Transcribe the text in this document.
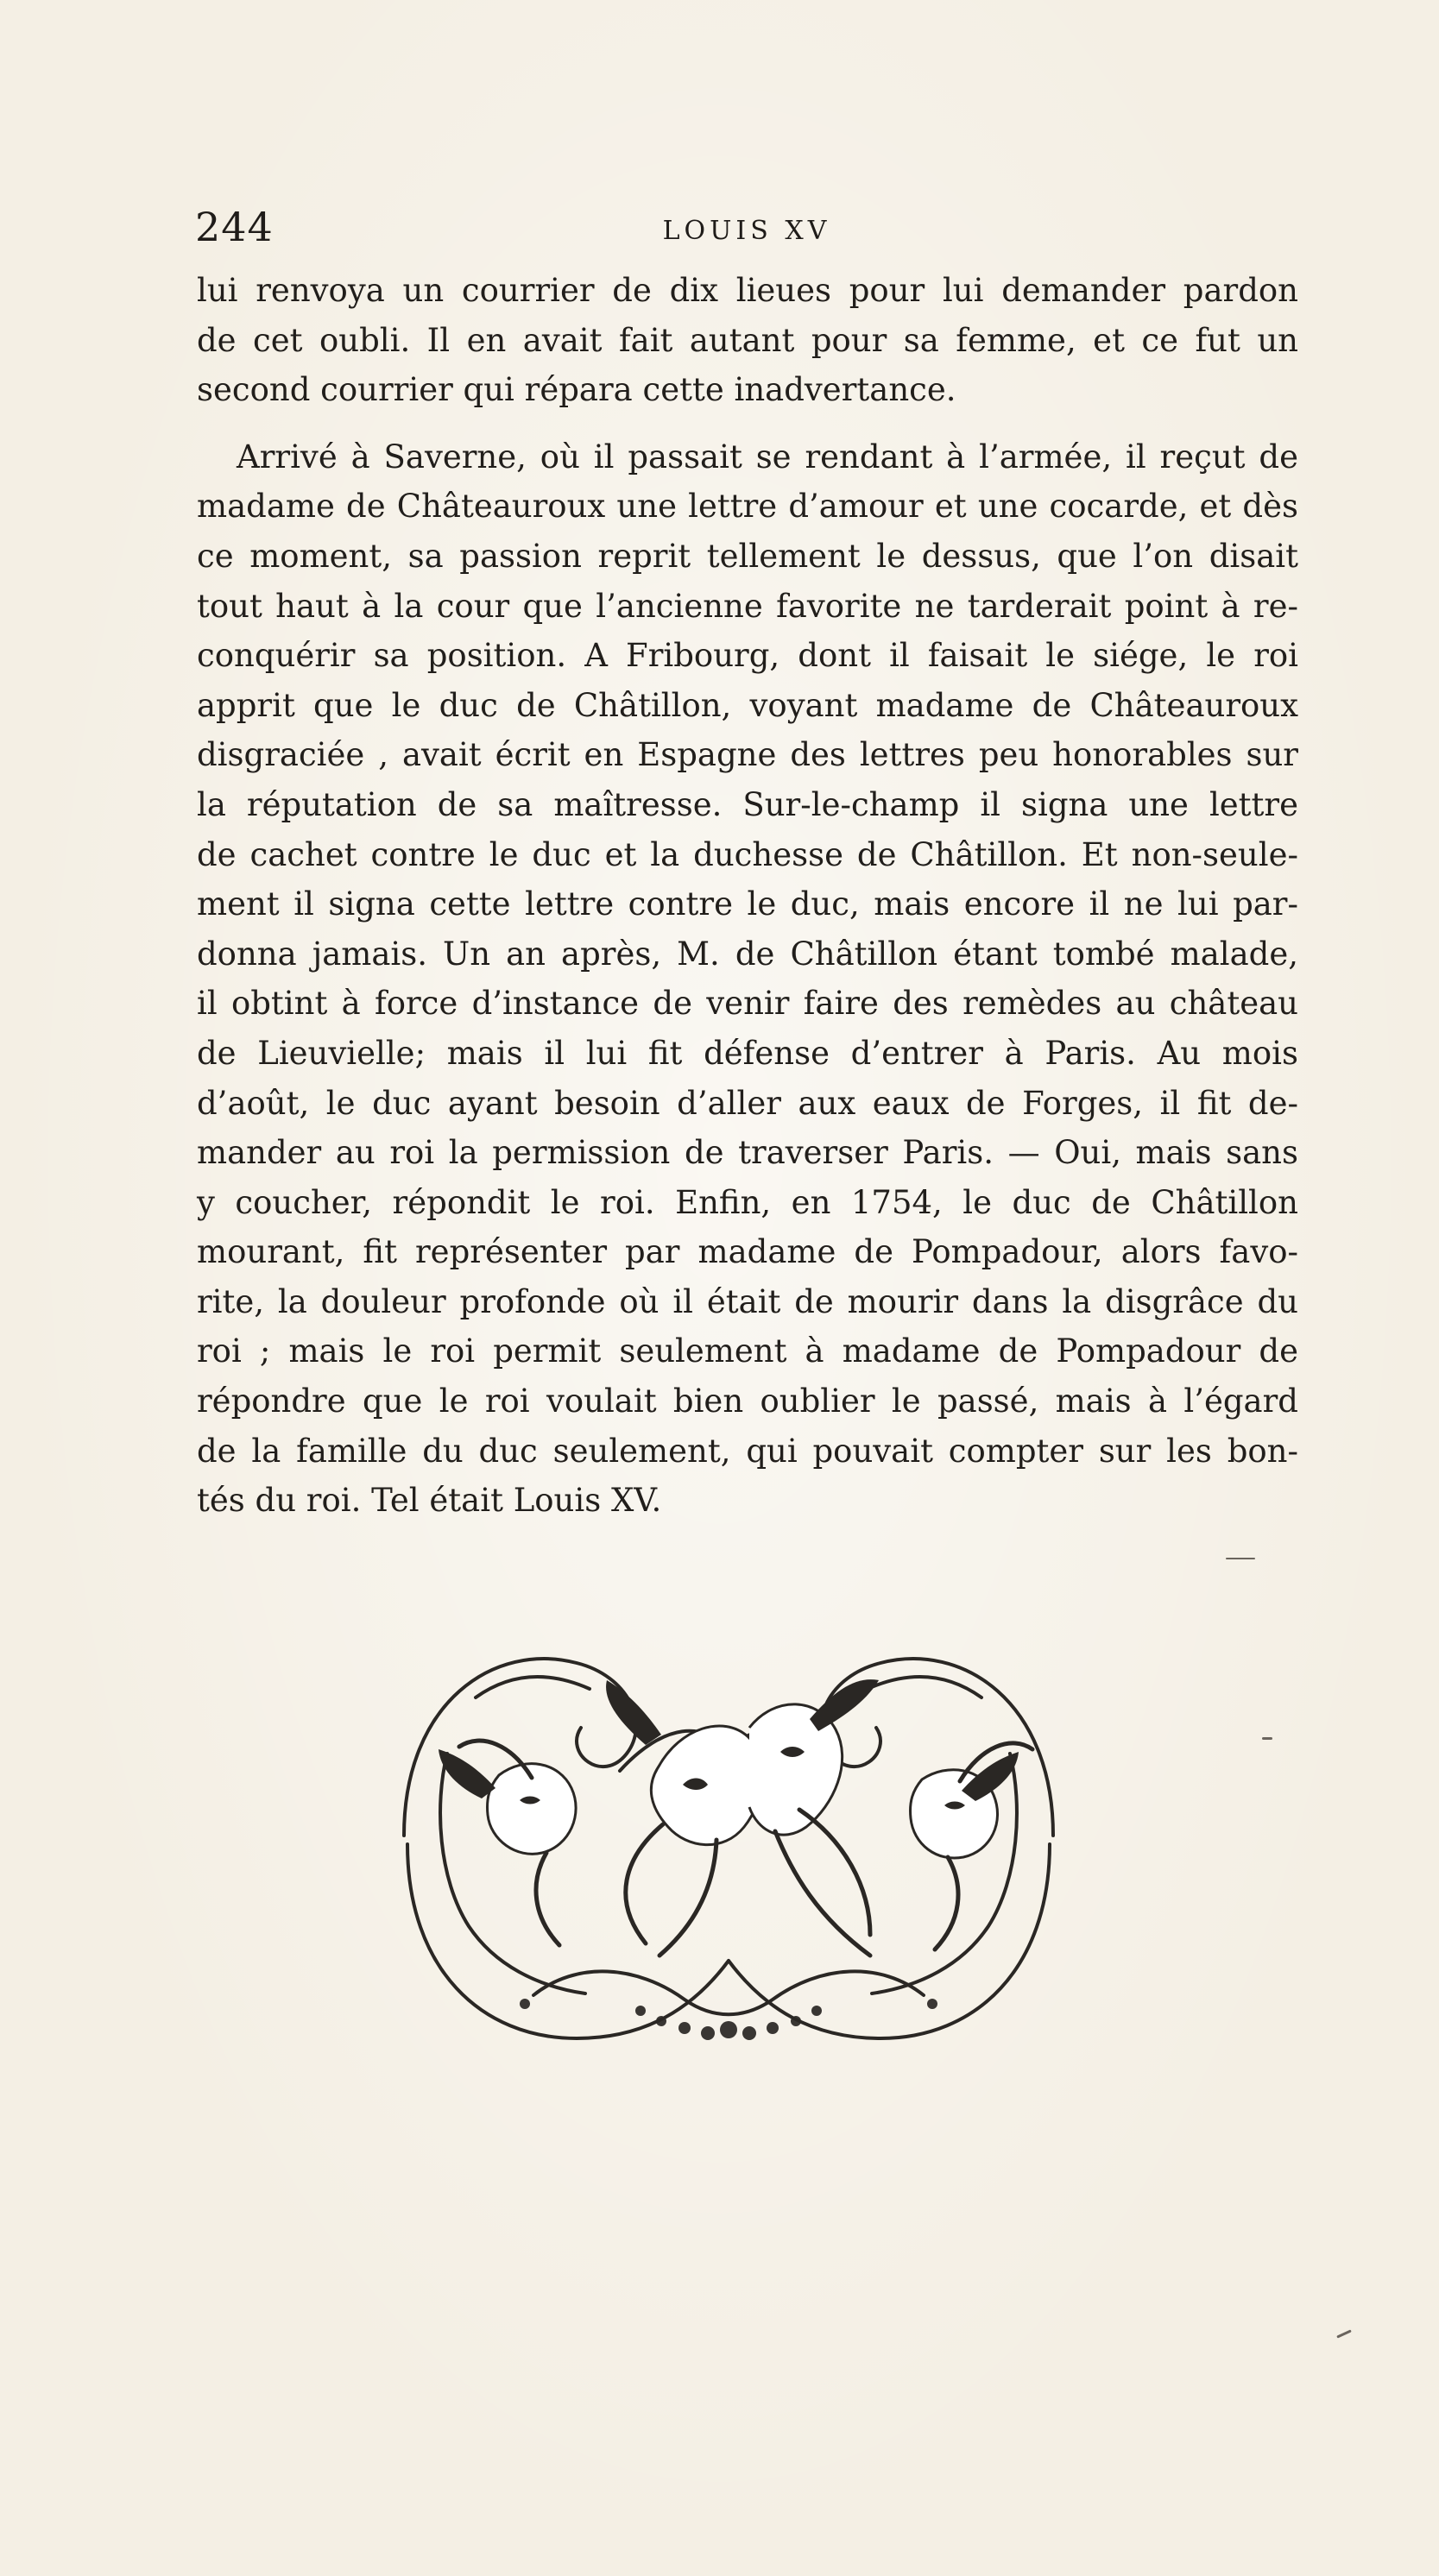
244	LOUIS XV

lui renvoya un courrier de dix lieues pour lui demander pardon
de cet oubli. Il en avait fait autant pour sa femme, et ce fut un
second courrier qui répara cette inadvertance.

Arrivé à Saverne, où il passait se rendant à l’armée, il reçut de
madame de Châteauroux une lettre d’amour et une cocarde, et dès
ce moment, sa passion reprit tellement le dessus, que l’on disait
tout haut à la cour que l’ancienne favorite ne tarderait point à re-
conquérir sa position. A Fribourg, dont il faisait le siége, le roi
apprit que le duc de Châtillon, voyant madame de Châteauroux
disgraciée , avait écrit en Espagne des lettres peu honorables sur
la réputation de sa maîtresse. Sur-le-champ il signa une lettre
de cachet contre le duc et la duchesse de Châtillon. Et non-seule-
ment il signa cette lettre contre le duc, mais encore il ne lui par-
donna jamais. Un an après, M. de Châtillon étant tombé malade,
il obtint à force d’instance de venir faire des remèdes au château
de Lieuvielle; mais il lui fit défense d’entrer à Paris. Au mois
d’août, le duc ayant besoin d’aller aux eaux de Forges, il fit de-
mander au roi la permission de traverser Paris. — Oui, mais sans
y coucher, répondit le roi. Enfin, en 1754, le duc de Châtillon
mourant, fit représenter par madame de Pompadour, alors favo-
rite, la douleur profonde où il était de mourir dans la disgrâce du
roi ; mais le roi permit seulement à madame de Pompadour de
répondre que le roi voulait bien oublier le passé, mais à l’égard
de la famille du duc seulement, qui pouvait compter sur les bon-
tés du roi. Tel était Louis XV.
